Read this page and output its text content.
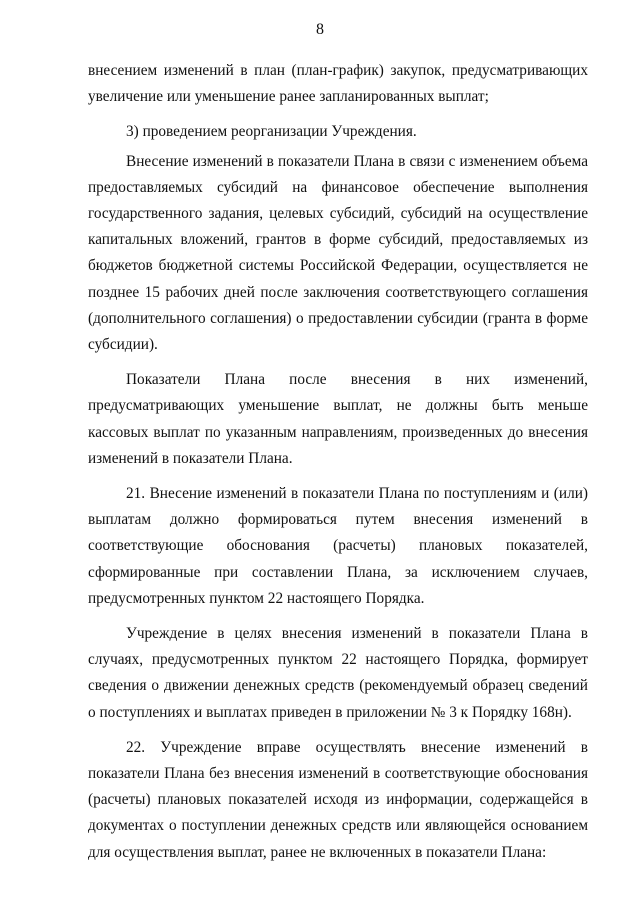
8

внесением изменений в план (план-график) закупок, предусматривающих увеличение или уменьшение ранее запланированных выплат;

3) проведением реорганизации Учреждения.

Внесение изменений в показатели Плана в связи с изменением объема предоставляемых субсидий на финансовое обеспечение выполнения государственного задания, целевых субсидий, субсидий на осуществление капитальных вложений, грантов в форме субсидий, предоставляемых из бюджетов бюджетной системы Российской Федерации, осуществляется не позднее 15 рабочих дней после заключения соответствующего соглашения (дополнительного соглашения) о предоставлении субсидии (гранта в форме субсидии).

Показатели Плана после внесения в них изменений, предусматривающих уменьшение выплат, не должны быть меньше кассовых выплат по указанным направлениям, произведенных до внесения изменений в показатели Плана.

21. Внесение изменений в показатели Плана по поступлениям и (или) выплатам должно формироваться путем внесения изменений в соответствующие обоснования (расчеты) плановых показателей, сформированные при составлении Плана, за исключением случаев, предусмотренных пунктом 22 настоящего Порядка.

Учреждение в целях внесения изменений в показатели Плана в случаях, предусмотренных пунктом 22 настоящего Порядка, формирует сведения о движении денежных средств (рекомендуемый образец сведений о поступлениях и выплатах приведен в приложении № 3 к Порядку 168н).

22. Учреждение вправе осуществлять внесение изменений в показатели Плана без внесения изменений в соответствующие обоснования (расчеты) плановых показателей исходя из информации, содержащейся в документах о поступлении денежных средств или являющейся основанием для осуществления выплат, ранее не включенных в показатели Плана:
